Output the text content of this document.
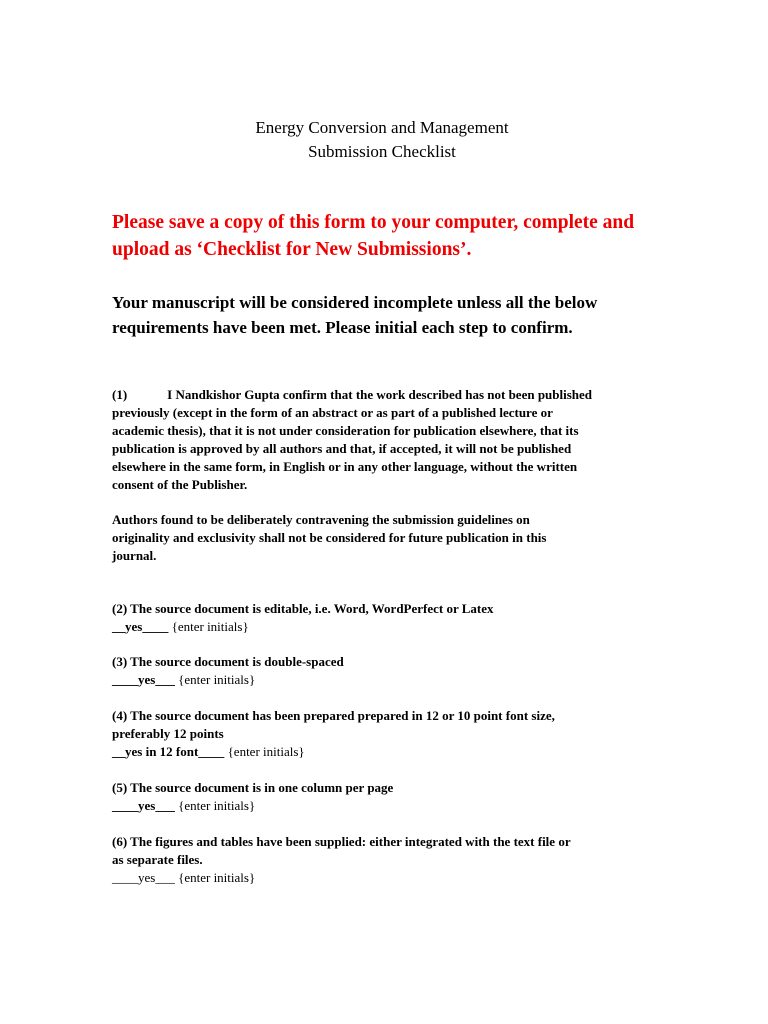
Energy Conversion and Management
Submission Checklist
Please save a copy of this form to your computer, complete and
upload as ‘Checklist for New Submissions’.
Your manuscript will be considered incomplete unless all the below
requirements have been met. Please initial each step to confirm.
(1)	I Nandkishor Gupta confirm that the work described has not been published
previously (except in the form of an abstract or as part of a published lecture or
academic thesis), that it is not under consideration for publication elsewhere, that its
publication is approved by all authors and that, if accepted, it will not be published
elsewhere in the same form, in English or in any other language, without the written
consent of the Publisher.
Authors found to be deliberately contravening the submission guidelines on
originality and exclusivity shall not be considered for future publication in this
journal.
(2) The source document is editable, i.e. Word, WordPerfect or Latex
__yes____ {enter initials}
(3) The source document is double-spaced
____yes___ {enter initials}
(4) The source document has been prepared prepared in 12 or 10 point font size,
preferably 12 points
__yes in 12 font____ {enter initials}
(5) The source document is in one column per page
____yes___ {enter initials}
(6) The figures and tables have been supplied: either integrated with the text file or
as separate files.
____yes___ {enter initials}
